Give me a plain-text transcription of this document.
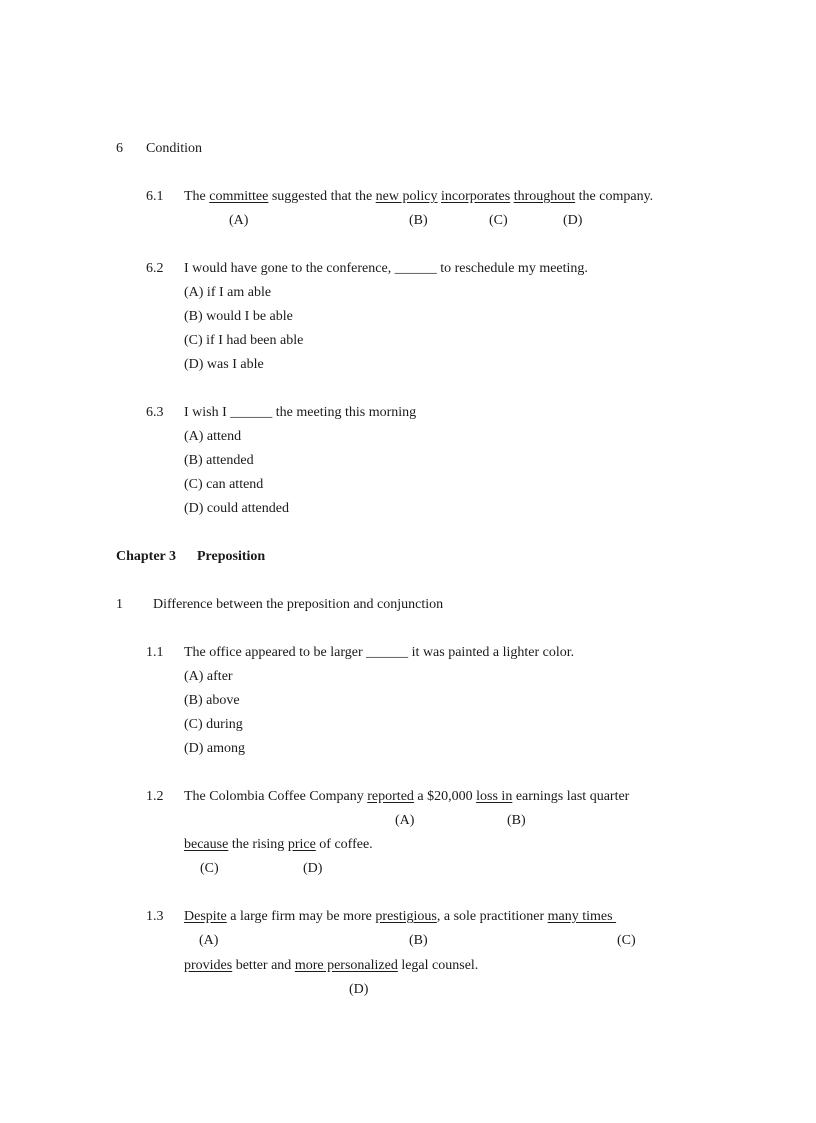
6 Condition
6.1 The committee suggested that the new policy incorporates throughout the company.
(A)	(B)	(C)	(D)
6.2 I would have gone to the conference, ______ to reschedule my meeting.
(A) if I am able
(B) would I be able
(C) if I had been able
(D) was I able
6.3 I wish I ______ the meeting this morning
(A) attend
(B) attended
(C) can attend
(D) could attended
Chapter 3 Preposition
1 Difference between the preposition and conjunction
1.1 The office appeared to be larger ______ it was painted a lighter color.
(A) after
(B) above
(C) during
(D) among
1.2 The Colombia Coffee Company reported a $20,000 loss in earnings last quarter
(A)	(B)
because the rising price of coffee.
(C)	(D)
1.3 Despite a large firm may be more prestigious, a sole practitioner many times
(A)	(B)	(C)
provides better and more personalized legal counsel.
(D)
